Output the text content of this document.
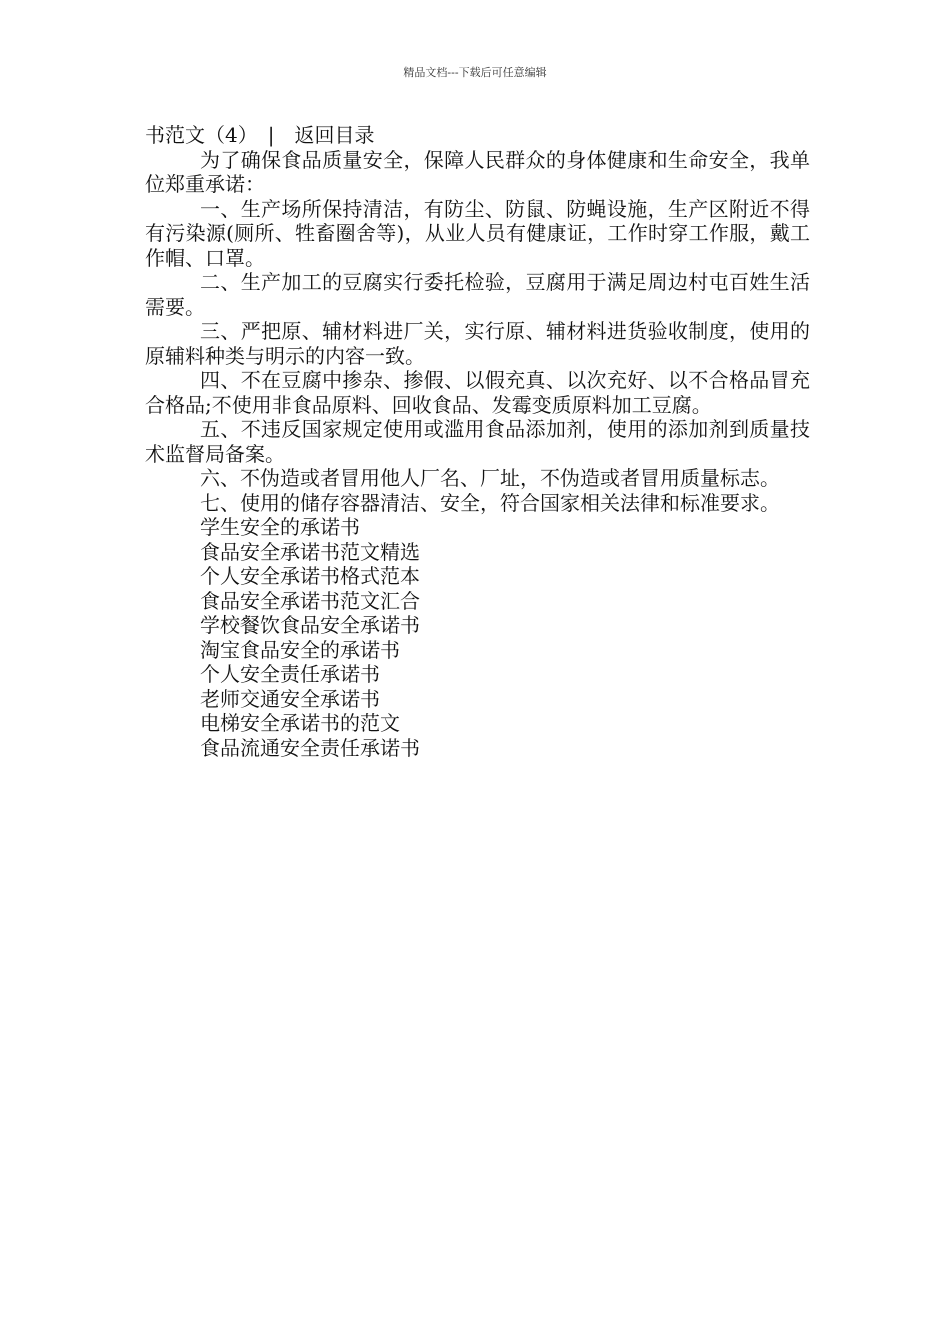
精品文档---下载后可任意编辑

书范文（4）　|　返回目录

为了确保食品质量安全，保障人民群众的身体健康和生命安全，我单位郑重承诺：

一、生产场所保持清洁，有防尘、防鼠、防蝇设施，生产区附近不得有污染源(厕所、牲畜圈舍等)，从业人员有健康证，工作时穿工作服，戴工作帽、口罩。

二、生产加工的豆腐实行委托检验，豆腐用于满足周边村屯百姓生活需要。

三、严把原、辅材料进厂关，实行原、辅材料进货验收制度，使用的原辅料种类与明示的内容一致。

四、不在豆腐中掺杂、掺假、以假充真、以次充好、以不合格品冒充合格品;不使用非食品原料、回收食品、发霉变质原料加工豆腐。

五、不违反国家规定使用或滥用食品添加剂，使用的添加剂到质量技术监督局备案。

六、不伪造或者冒用他人厂名、厂址，不伪造或者冒用质量标志。

七、使用的储存容器清洁、安全，符合国家相关法律和标准要求。

学生安全的承诺书
食品安全承诺书范文精选
个人安全承诺书格式范本
食品安全承诺书范文汇合
学校餐饮食品安全承诺书
淘宝食品安全的承诺书
个人安全责任承诺书
老师交通安全承诺书
电梯安全承诺书的范文
食品流通安全责任承诺书
